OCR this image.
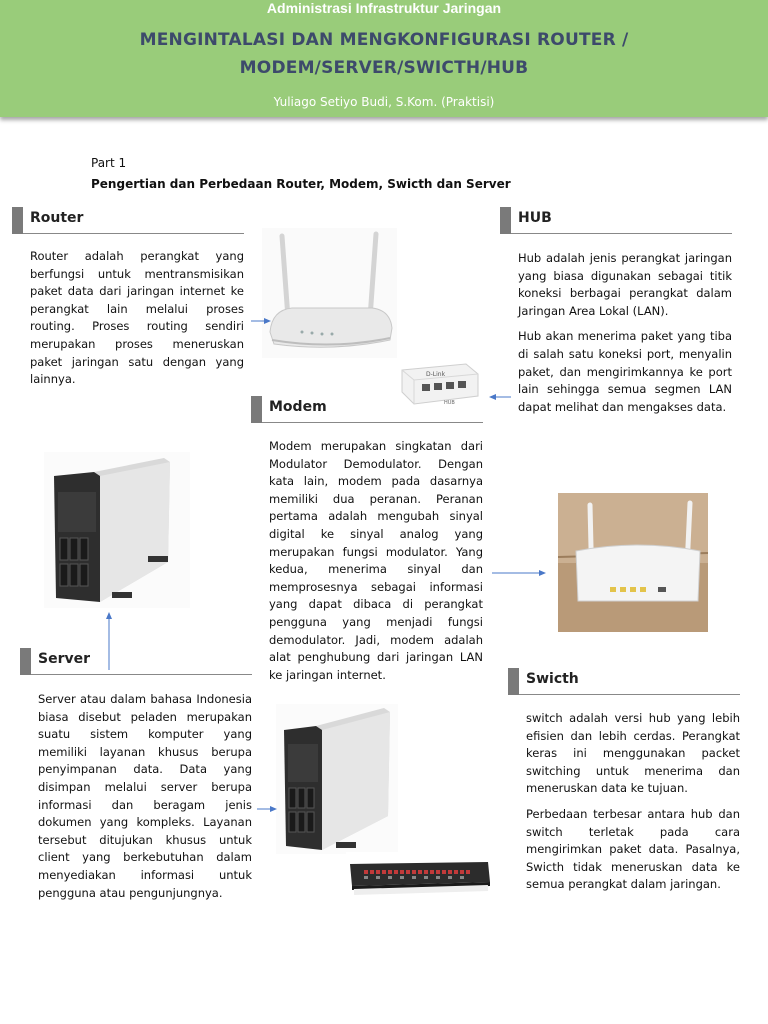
Administrasi Infrastruktur Jaringan
MENGINTALASI DAN MENGKONFIGURASI ROUTER /
MODEM/SERVER/SWICTH/HUB
Yuliago Setiyo Budi, S.Kom. (Praktisi)
Part 1
Pengertian dan Perbedaan Router, Modem, Swicth dan Server
Router

Router adalah perangkat yang berfungsi untuk mentransmisikan paket data dari jaringan internet ke perangkat lain melalui proses routing. Proses routing sendiri merupakan proses meneruskan paket jaringan satu dengan yang lainnya.

HUB

Hub adalah jenis perangkat jaringan yang biasa digunakan sebagai titik koneksi berbagai perangkat dalam Jaringan Area Lokal (LAN).

Hub akan menerima paket yang tiba di salah satu koneksi port, menyalin paket, dan mengirimkannya ke port lain sehingga semua segmen LAN dapat melihat dan mengakses data.

D-Link
HUB
Modem

Modem merupakan singkatan dari Modulator Demodulator. Dengan kata lain, modem pada dasarnya memiliki dua peranan. Peranan pertama adalah mengubah sinyal digital ke sinyal analog yang merupakan fungsi modulator. Yang kedua, menerima sinyal dan memprosesnya sebagai informasi yang dapat dibaca di perangkat pengguna yang menjadi fungsi demodulator. Jadi, modem adalah alat penghubung dari jaringan LAN ke jaringan internet.

Server

Server atau dalam bahasa Indonesia biasa disebut peladen merupakan suatu sistem komputer yang memiliki layanan khusus berupa penyimpanan data. Data yang disimpan melalui server berupa informasi dan beragam jenis dokumen yang kompleks. Layanan tersebut ditujukan khusus untuk client yang berkebutuhan dalam menyediakan informasi untuk pengguna atau pengunjungnya.

Swicth

switch adalah versi hub yang lebih efisien dan lebih cerdas. Perangkat keras ini menggunakan packet switching untuk menerima dan meneruskan data ke tujuan.

Perbedaan terbesar antara hub dan switch terletak pada cara mengirimkan paket data. Pasalnya, Swicth tidak meneruskan data ke semua perangkat dalam jaringan.
